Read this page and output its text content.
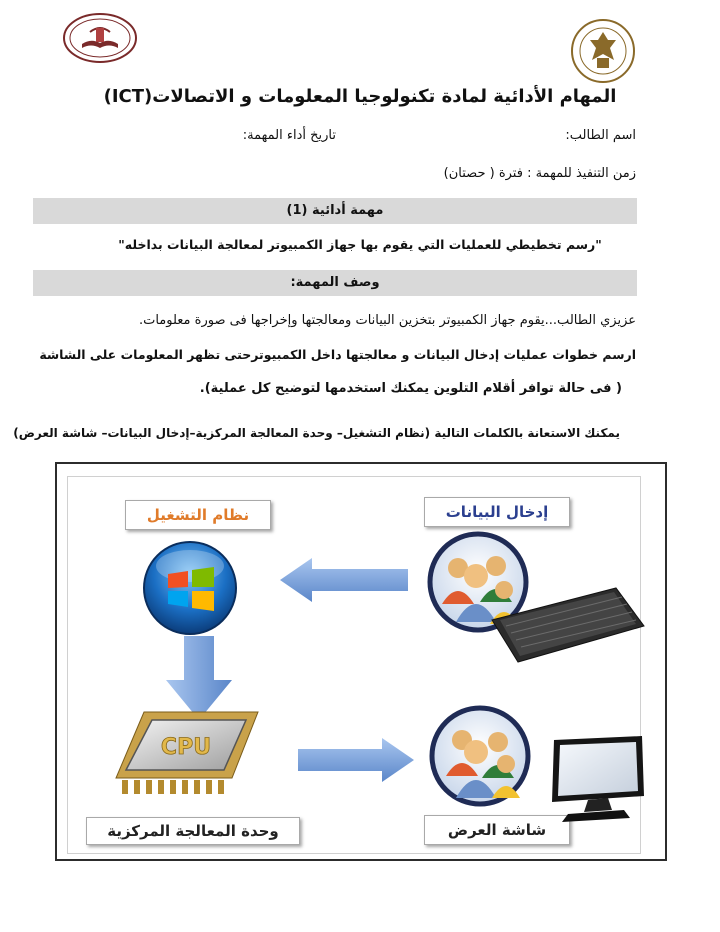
المهام الأدائية لمادة تكنولوجيا المعلومات و الاتصالات(ICT)
اسم الطالب:
تاريخ أداء المهمة:
زمن التنفيذ للمهمة : فترة ( حصتان)
مهمة أدائية (1)
"رسم تخطيطي للعمليات التي يقوم بها جهاز الكمبيوتر لمعالجة البيانات بداخله"
وصف المهمة:
عزيزي الطالب...يقوم جهاز الكمبيوتر بتخزين البيانات ومعالجتها وإخراجها فى صورة معلومات.
ارسم خطوات عمليات إدخال البيانات و معالجتها داخل الكمبيوترحتى تظهر المعلومات على الشاشة
( فى حالة توافر أقلام التلوين يمكنك استخدمها لتوضيح كل عملية).
يمكنك الاستعانة بالكلمات التالية (نظام التشغيل– وحدة المعالجة المركزية–إدخال البيانات– شاشة العرض)
نظام التشغيل	إدخال البيانات
وحدة المعالجة المركزية	شاشة العرض
CPU
